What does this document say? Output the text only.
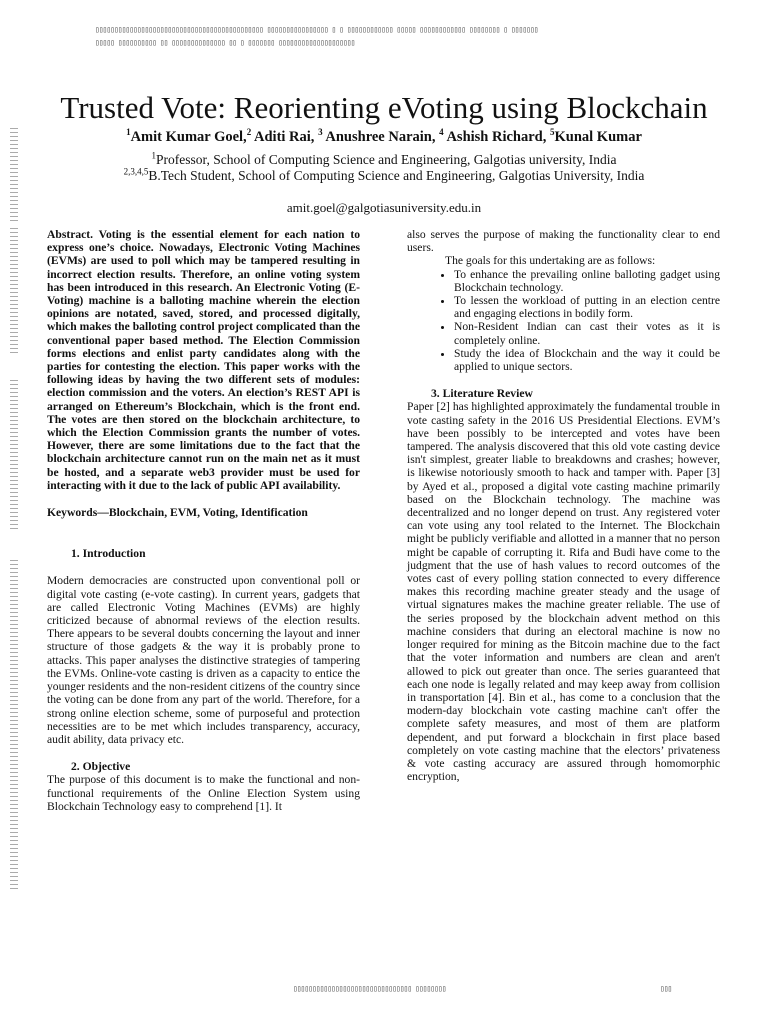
▯▯▯▯▯▯▯▯▯▯▯▯▯▯▯▯▯▯▯▯▯▯▯▯▯▯▯▯▯▯▯▯▯▯▯▯▯▯▯▯▯▯▯▯ ▯▯▯▯▯▯▯▯▯▯▯▯▯▯▯▯ ▯ ▯ ▯▯▯▯▯▯▯▯▯▯▯▯ ▯▯▯▯▯ ▯▯▯▯▯▯▯▯▯▯▯▯ ▯▯▯▯▯▯▯▯ ▯ ▯▯▯▯▯▯▯
▯▯▯▯▯ ▯▯▯▯▯▯▯▯▯▯ ▯▯ ▯▯▯▯▯▯▯▯▯▯▯▯▯▯ ▯▯ ▯ ▯▯▯▯▯▯▯ ▯▯▯▯▯▯▯▯▯▯▯▯▯▯▯▯▯▯▯▯
Trusted Vote: Reorienting eVoting using Blockchain
$^1$Amit Kumar Goel,$^2$ Aditi Rai, $^3$ Anushree Narain, $^4$ Ashish Richard, $^5$Kunal Kumar
$^1$Professor, School of Computing Science and Engineering, Galgotias university, India
$^{2,3,4,5}$B.Tech Student, School of Computing Science and Engineering, Galgotias University, India
amit.goel@galgotiasuniversity.edu.in

Abstract. Voting is the essential element for each nation to express one’s choice. Nowadays, Electronic Voting Machines (EVMs) are used to poll which may be tampered resulting in incorrect election results. Therefore, an online voting system has been introduced in this research. An Electronic Voting (E-Voting) machine is a balloting machine wherein the election opinions are notated, saved, stored, and processed digitally, which makes the balloting control project complicated than the conventional paper based method. The Election Commission forms elections and enlist party candidates along with the parties for contesting the election. This paper works with the following ideas by having the two different sets of modules: election commission and the voters. An election’s REST API is arranged on Ethereum’s Blockchain, which is the front end. The votes are then stored on the blockchain architecture, to which the Election Commission grants the number of votes. However, there are some limitations due to the fact that the blockchain architecture cannot run on the main net as it must be hosted, and a separate web3 provider must be used for interacting with it due to the lack of public API availability.

Keywords—Blockchain, EVM, Voting, Identification

1. Introduction

Modern democracies are constructed upon conventional poll or digital vote casting (e-vote casting). In current years, gadgets that are called Electronic Voting Machines (EVMs) are highly criticized because of abnormal reviews of the election results. There appears to be several doubts concerning the layout and inner structure of those gadgets & the way it is probably prone to attacks. This paper analyses the distinctive strategies of tampering the EVMs. Online-vote casting is driven as a capacity to entice the younger residents and the non-resident citizens of the country since the voting can be done from any part of the world. Therefore, for a strong online election scheme, some of purposeful and protection necessities are to be met which includes transparency, accuracy, audit ability, data privacy etc.

2. Objective

The purpose of this document is to make the functional and non-functional requirements of the Online Election System using Blockchain Technology easy to comprehend [1]. It

also serves the purpose of making the functionality clear to end users.

The goals for this undertaking are as follows:

• To enhance the prevailing online balloting gadget using Blockchain technology.
• To lessen the workload of putting in an election centre and engaging elections in bodily form.
• Non-Resident Indian can cast their votes as it is completely online.
• Study the idea of Blockchain and the way it could be applied to unique sectors.

3. Literature Review

Paper [2] has highlighted approximately the fundamental trouble in vote casting safety in the 2016 US Presidential Elections. EVM’s have been possibly to be intercepted and votes have been tampered. The analysis discovered that this old vote casting device isn't simplest, greater liable to breakdowns and crashes; however, is likewise notoriously smooth to hack and tamper with. Paper [3] by Ayed et al., proposed a digital vote casting machine primarily based on the Blockchain technology. The machine was decentralized and no longer depend on trust. Any registered voter can vote using any tool related to the Internet. The Blockchain might be publicly verifiable and allotted in a manner that no person might be capable of corrupting it. Rifa and Budi have come to the judgment that the use of hash values to record outcomes of the votes cast of every polling station connected to every difference makes this recording machine greater steady and the usage of virtual signatures makes the machine greater reliable. The use of the series proposed by the blockchain advent method on this machine considers that during an electoral machine is now no longer required for mining as the Bitcoin machine due to the fact that the voter information and numbers are clean and aren't allowed to pick out greater than once. The series guaranteed that each one node is legally related and may keep away from collision in transportation [4]. Bin et al., has come to a conclusion that the modern-day blockchain vote casting machine can't offer the complete safety measures, and most of them are platform dependent, and put forward a blockchain in first place based completely on vote casting machine that the electors’ privateness & vote casting accuracy are assured through homomorphic encryption,

▯▯▯▯▯▯▯▯▯▯▯▯▯▯▯▯▯▯▯▯▯▯▯▯▯▯▯▯▯▯▯ ▯▯▯▯▯▯▯▯	▯▯▯
